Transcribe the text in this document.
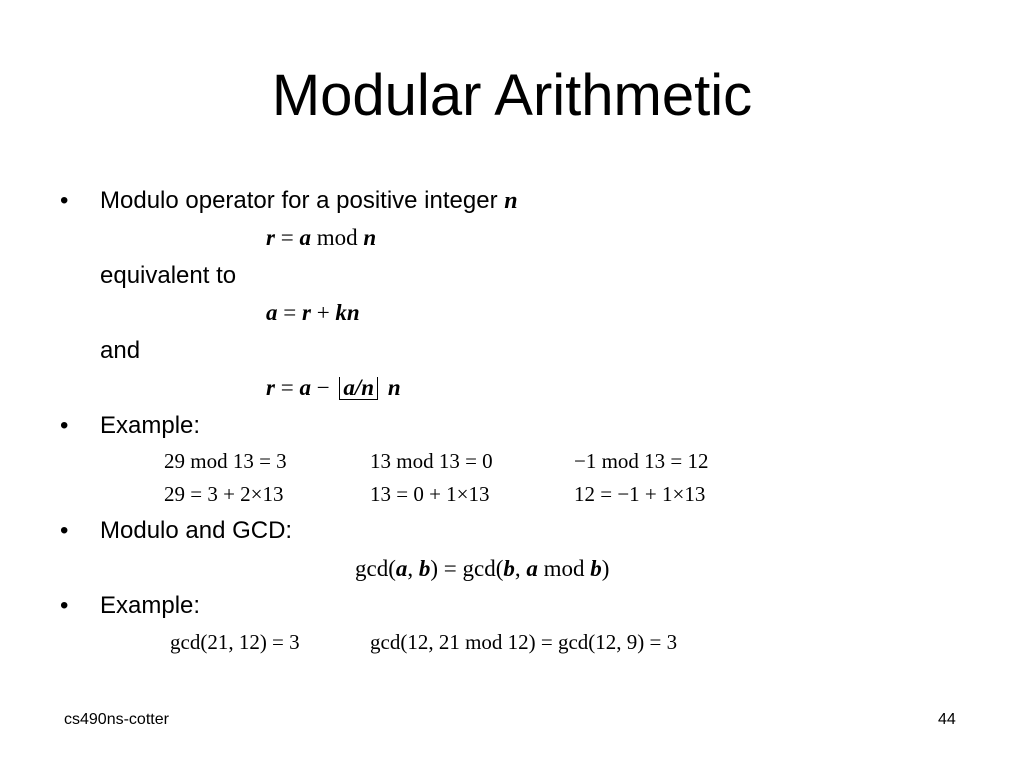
Modular Arithmetic
• Modulo operator for a positive integer n
r = a mod n
equivalent to
a = r + kn
and
r = a − a/n n
• Example:
29 mod 13 = 3	13 mod 13 = 0	−1 mod 13 = 12
29 = 3 + 2×13	13 = 0 + 1×13	12 = −1 + 1×13
• Modulo and GCD:
gcd(a, b) = gcd(b, a mod b)
• Example:
gcd(21, 12) = 3	gcd(12, 21 mod 12) = gcd(12, 9) = 3
cs490ns-cotter	44
